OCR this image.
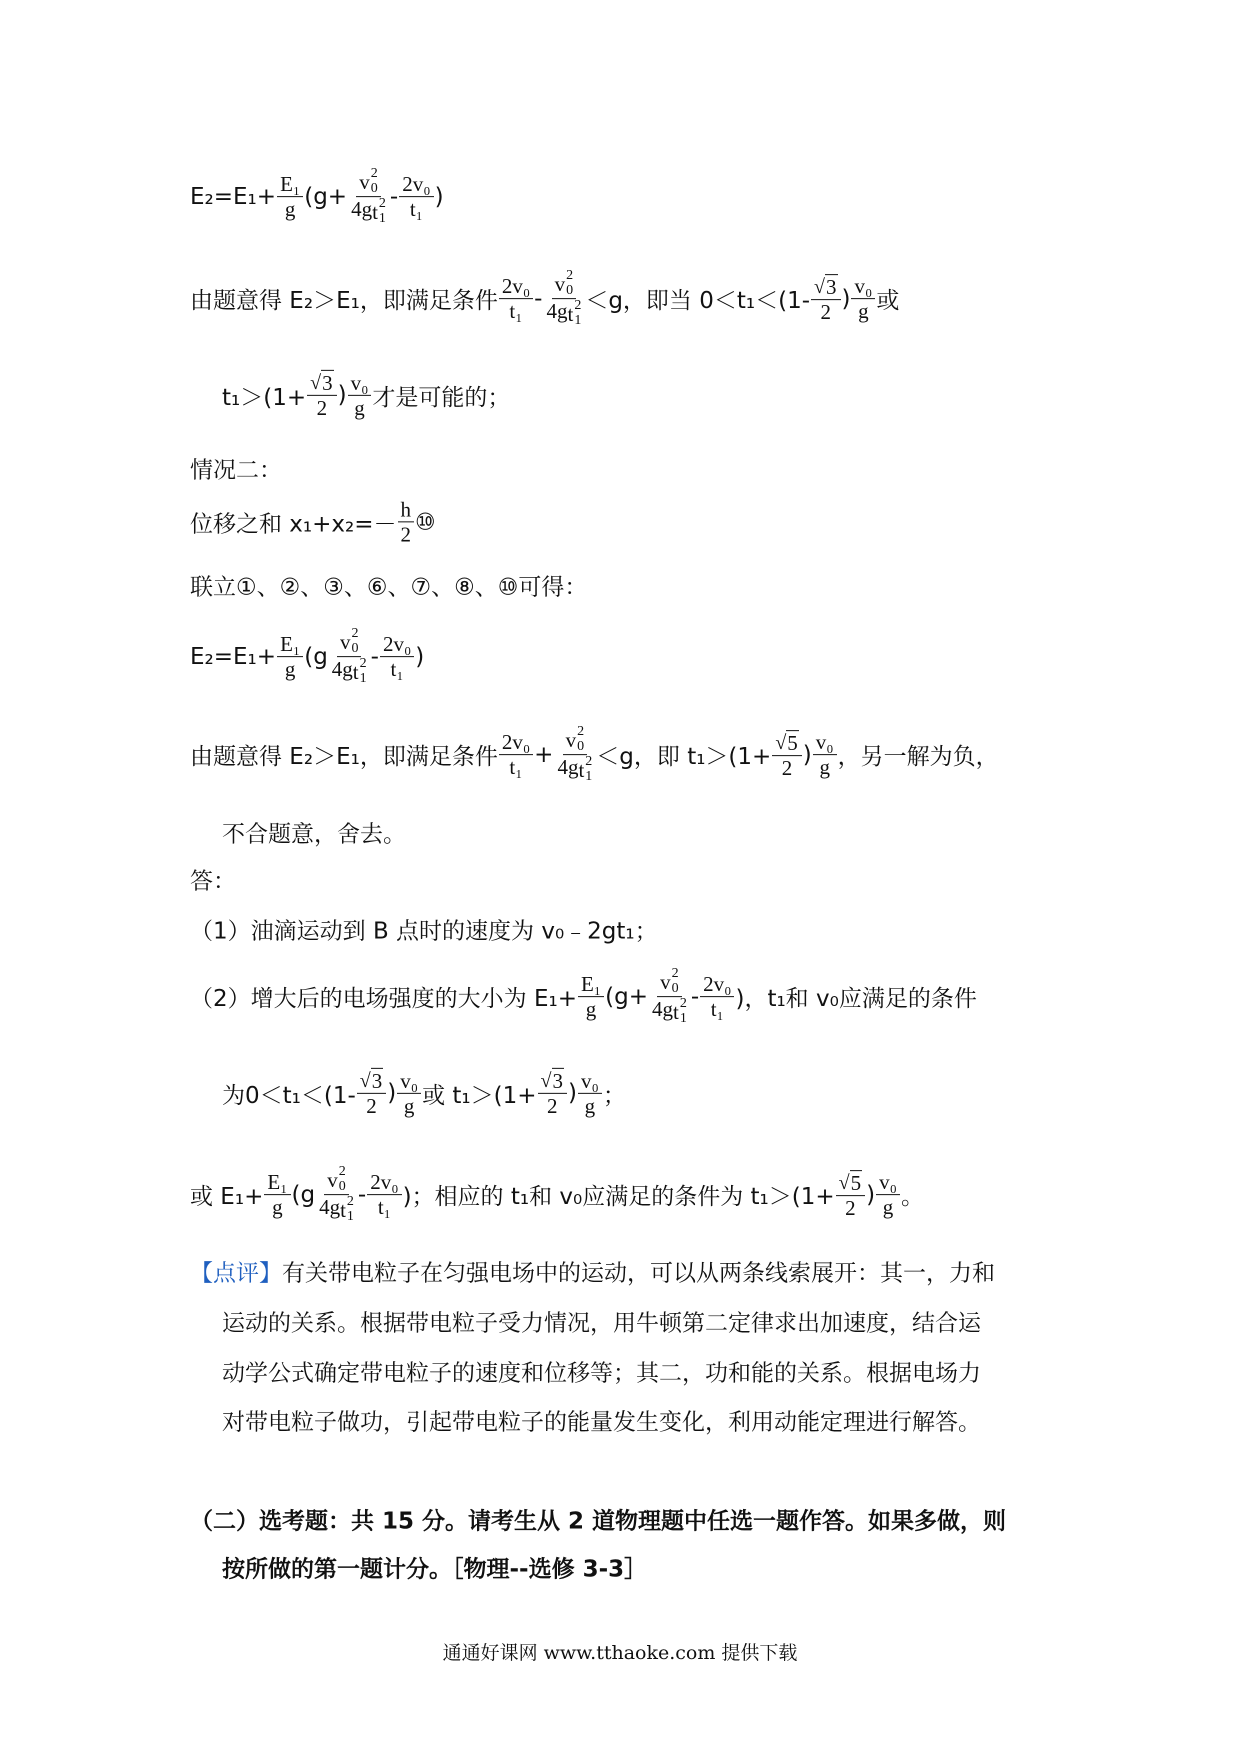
$E_2=E_1+ \frac{\text{E₁}}{g} (g+ v$ 2
0
4g t 2
$1 - \frac{\text{2v₀}}{\text{t₁}}$ )
由题意得 E₂＞E₁，即满足条件 $\frac{\text{2v₀}}{\text{t₁}}$ - v 2
0
4g t 2
1 ＜g，即当 $0<t_1<(1- \frac{√ 3}{2}$ ) $\frac{\text{v₀}}{g}$ 或
$t_1>(1+ \frac{√ 3}{2}$ ) $\frac{\text{v₀}}{g}$ 才是可能的；
情况二：
位移之和 $x_1+x_2=- \frac{h}{2}$ ⑩
联立①、②、③、⑥、⑦、⑧、⑩可得：
$E_2=E_1+ \frac{\text{E₁}}{g} (g$ v 2
0
4g t 2
$1 - \frac{\text{2v₀}}{\text{t₁}}$ )
由题意得 E₂＞E₁，即满足条件 $\frac{\text{2v₀}}{\text{t₁}} + v$ 2
0
4g t 2
1 ＜g，即 $t_1>(1+ \frac{√ 5}{2}$ ) $\frac{\text{v₀}}{g}$ ，另一解为负，
不合题意，舍去。
答：
（1）油滴运动到 B 点时的速度为 v₀﹣2gt₁；
（2）增大后的电场强度的大小为 $E_1+ \frac{\text{E₁}}{g} (g+ v$ 2
0
4g t 2
$1 - \frac{\text{2v₀}}{\text{t₁}}$ )，t₁和 v₀应满足的条件
为$0<t_1<(1- \frac{√ 3}{2}$ ) $\frac{\text{v₀}}{g}$ 或 $t_1>(1+ \frac{√ 3}{2}$ ) $\frac{\text{v₀}}{g}$ ；
或 $E_1+ \frac{\text{E₁}}{g} (g$ v 2
0
4g t 2
$1 - \frac{\text{2v₀}}{\text{t₁}}$ )；相应的 t₁和 v₀应满足的条件为 $t_1>(1+ \frac{√ 5}{2}$ ) $\frac{\text{v₀}}{g}$ 。
【点评】 有关带电粒子在匀强电场中的运动，可以从两条线索展开：其一，力和
运动的关系。根据带电粒子受力情况，用牛顿第二定律求出加速度，结合运
动学公式确定带电粒子的速度和位移等；其二，功和能的关系。根据电场力
对带电粒子做功，引起带电粒子的能量发生变化，利用动能定理进行解答。
（二）选考题：共 15 分。请考生从 2 道物理题中任选一题作答。如果多做，则
按所做的第一题计分。［物理--选修 3-3］
通通好课网 www.tthaoke.com 提供下载
